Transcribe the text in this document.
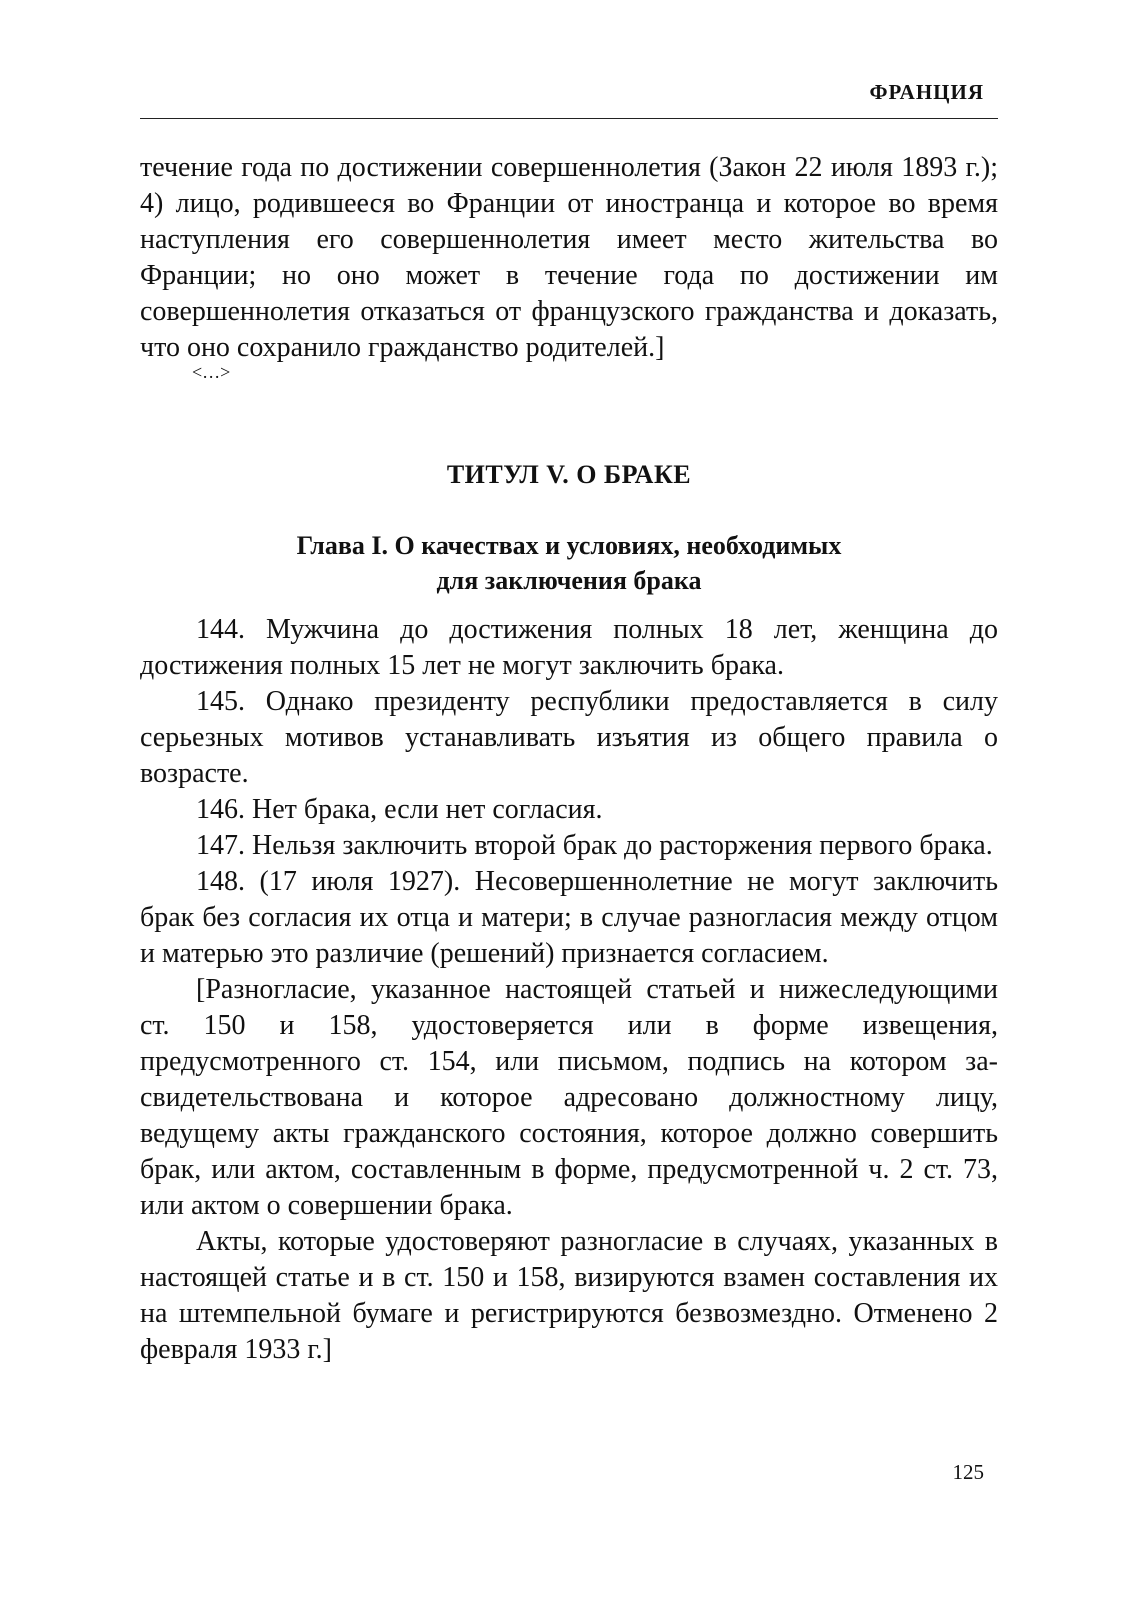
ФРАНЦИЯ

течение года по достижении совершеннолетия (Закон 22 июля 1893 г.); 4) лицо, родившееся во Франции от иностранца и которое во время наступления его совершеннолетия имеет место жительства во Франции; но оно может в течение года по достижении им совершеннолетия отказаться от французского гражданства и доказать, что оно сохранило гражданство родителей.]

<…>
ТИТУЛ V. О БРАКЕ
Глава I. О качествах и условиях, необходимых
для заключения брака

144. Мужчина до достижения полных 18 лет, женщина до достижения полных 15 лет не могут заключить брака.

145. Однако президенту республики предоставляется в силу серьезных мотивов устанавливать изъятия из общего правила о возрасте.

146. Нет брака, если нет согласия.

147. Нельзя заключить второй брак до расторжения первого брака.

148. (17 июля 1927). Несовершеннолетние не могут заключить брак без согласия их отца и матери; в случае разногласия между отцом и матерью это различие (решений) признается согласием.

[Разногласие, указанное настоящей статьей и нижеследующими ст. 150 и 158, удостоверяется или в форме извещения, предусмотренного ст. 154, или письмом, подпись на котором засвидетельствована и которое адресовано должностному лицу, ведущему акты гражданского состояния, которое должно совершить брак, или актом, составленным в форме, предусмотренной ч. 2 ст. 73, или актом о совершении брака.

Акты, которые удостоверяют разногласие в случаях, указанных в настоящей статье и в ст. 150 и 158, визируются взамен составления их на штемпельной бумаге и регистрируются безвозмездно. Отменено 2 февраля 1933 г.]

125
